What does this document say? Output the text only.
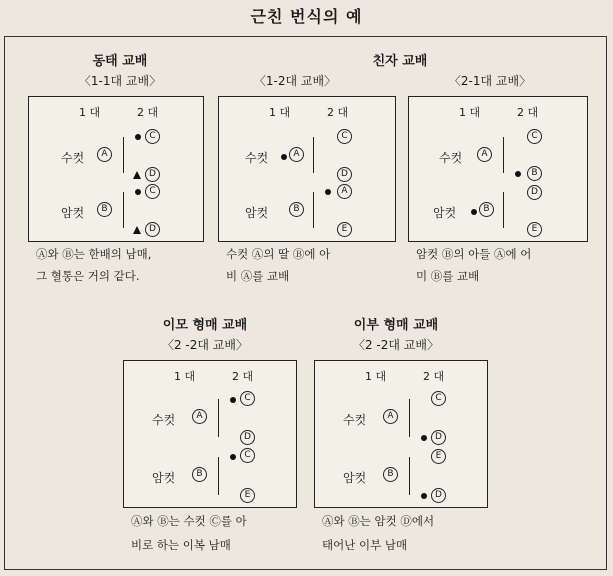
근친 번식의 예
동태 교배
〈1-1대 교배〉
친자 교배
〈1-2대 교배〉	〈2-1대 교배〉
이모 형매 교배
〈2 -2대 교배〉
이부 형매 교배
〈2 -2대 교배〉
1 대	2 대
수컷	A
암컷	B
C
D
C
D
Ⓐ와 Ⓑ는 한배의 남매,
그 혈통은 거의 같다.
1 대	2 대
수컷	A
암컷	B
C
D
A
E
수컷 Ⓐ의 딸 Ⓑ에 아
비 Ⓐ를 교배
1 대	2 대
수컷	A
암컷	B
C
B
D
E
암컷 Ⓑ의 아들 Ⓐ에 어
미 Ⓑ를 교배
1 대	2 대
수컷	A
암컷	B
C
D
C
E
Ⓐ와 Ⓑ는 수컷 Ⓒ를 아
비로 하는 이복 남매
1 대	2 대
수컷	A
암컷	B
C
D
E
D
Ⓐ와 Ⓑ는 암컷 Ⓓ에서
태어난 이부 남매
